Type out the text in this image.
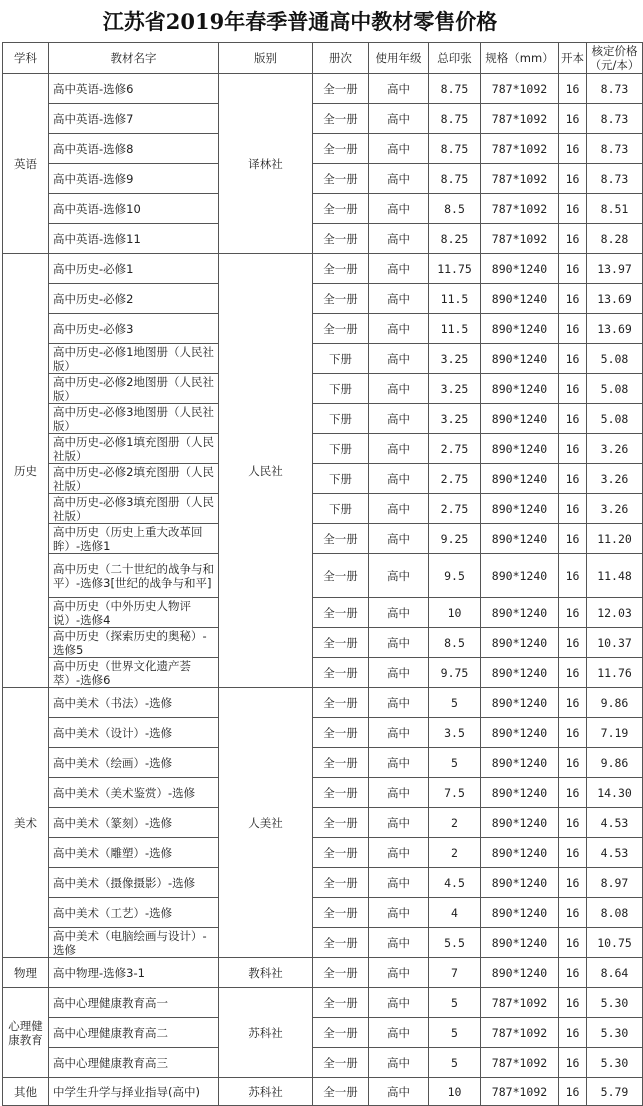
江苏省2019年春季普通高中教材零售价格
学科	教材名字	版别	册次	使用年级	总印张	规格（mm）	开本	核定价格（元/本）
英语	高中英语-选修6	译林社	全一册	高中	8.75	787*1092	16	8.73
	高中英语-选修7		全一册	高中	8.75	787*1092	16	8.73
	高中英语-选修8		全一册	高中	8.75	787*1092	16	8.73
	高中英语-选修9		全一册	高中	8.75	787*1092	16	8.73
	高中英语-选修10		全一册	高中	8.5	787*1092	16	8.51
	高中英语-选修11		全一册	高中	8.25	787*1092	16	8.28
历史	高中历史-必修1	人民社	全一册	高中	11.75	890*1240	16	13.97
	高中历史-必修2		全一册	高中	11.5	890*1240	16	13.69
	高中历史-必修3		全一册	高中	11.5	890*1240	16	13.69
	高中历史-必修1地图册（人民社版）		下册	高中	3.25	890*1240	16	5.08
	高中历史-必修2地图册（人民社版）		下册	高中	3.25	890*1240	16	5.08
	高中历史-必修3地图册（人民社版）		下册	高中	3.25	890*1240	16	5.08
	高中历史-必修1填充图册（人民社版）		下册	高中	2.75	890*1240	16	3.26
	高中历史-必修2填充图册（人民社版）		下册	高中	2.75	890*1240	16	3.26
	高中历史-必修3填充图册（人民社版）		下册	高中	2.75	890*1240	16	3.26
	高中历史（历史上重大改革回眸）-选修1		全一册	高中	9.25	890*1240	16	11.20
	高中历史（二十世纪的战争与和平）-选修3[世纪的战争与和平]		全一册	高中	9.5	890*1240	16	11.48
	高中历史（中外历史人物评说）-选修4		全一册	高中	10	890*1240	16	12.03
	高中历史（探索历史的奥秘）-选修5		全一册	高中	8.5	890*1240	16	10.37
	高中历史（世界文化遗产荟萃）-选修6		全一册	高中	9.75	890*1240	16	11.76
美术	高中美术（书法）-选修	人美社	全一册	高中	5	890*1240	16	9.86
	高中美术（设计）-选修		全一册	高中	3.5	890*1240	16	7.19
	高中美术（绘画）-选修		全一册	高中	5	890*1240	16	9.86
	高中美术（美术鉴赏）-选修		全一册	高中	7.5	890*1240	16	14.30
	高中美术（篆刻）-选修		全一册	高中	2	890*1240	16	4.53
	高中美术（雕塑）-选修		全一册	高中	2	890*1240	16	4.53
	高中美术（摄像摄影）-选修		全一册	高中	4.5	890*1240	16	8.97
	高中美术（工艺）-选修		全一册	高中	4	890*1240	16	8.08
	高中美术（电脑绘画与设计）-选修		全一册	高中	5.5	890*1240	16	10.75
物理	高中物理-选修3-1	教科社	全一册	高中	7	890*1240	16	8.64
心理健康教育	高中心理健康教育高一	苏科社	全一册	高中	5	787*1092	16	5.30
	高中心理健康教育高二		全一册	高中	5	787*1092	16	5.30
	高中心理健康教育高三		全一册	高中	5	787*1092	16	5.30
其他	中学生升学与择业指导(高中)	苏科社	全一册	高中	10	787*1092	16	5.79
